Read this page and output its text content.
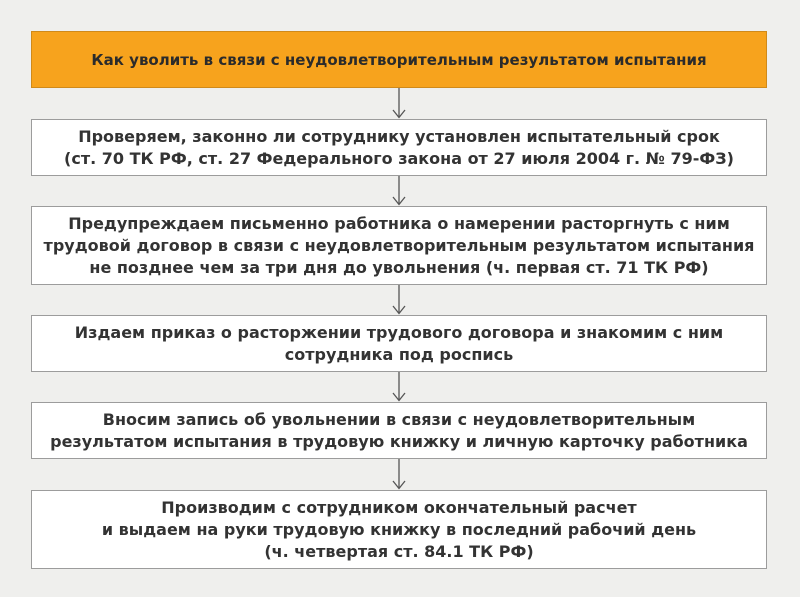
Как уволить в связи с неудовлетворительным результатом испытания
Проверяем, законно ли сотруднику установлен испытательный срок
(ст. 70 ТК РФ, ст. 27 Федерального закона от 27 июля 2004 г. № 79-ФЗ)
Предупреждаем письменно работника о намерении расторгнуть с ним
трудовой договор в связи с неудовлетворительным результатом испытания
не позднее чем за три дня до увольнения (ч. первая ст. 71 ТК РФ)
Издаем приказ о расторжении трудового договора и знакомим с ним
сотрудника под роспись
Вносим запись об увольнении в связи с неудовлетворительным
результатом испытания в трудовую книжку и личную карточку работника
Производим с сотрудником окончательный расчет
и выдаем на руки трудовую книжку в последний рабочий день
(ч. четвертая ст. 84.1 ТК РФ)
